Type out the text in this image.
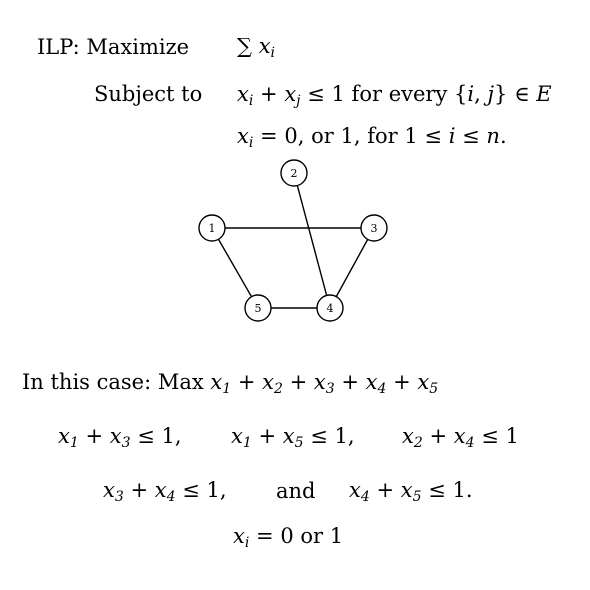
ILP: Maximize ∑ $x_i$
Subject to $x_i + x_j \le 1$ for every {i, j} ∈ E
$x_i = 0$, or 1, for 1 ≤ i ≤ n.
1
2
3
4
5
In this case: Max $x_1 + x_2 + x_3 + x_4 + x_5$
$x_1 + x_3 \le 1$, $x_1 + x_5 \le 1$, $x_2 + x_4 \le 1$
$x_3 + x_4 \le 1$, and $x_4 + x_5 \le 1$.
$x_i = 0$ or 1
